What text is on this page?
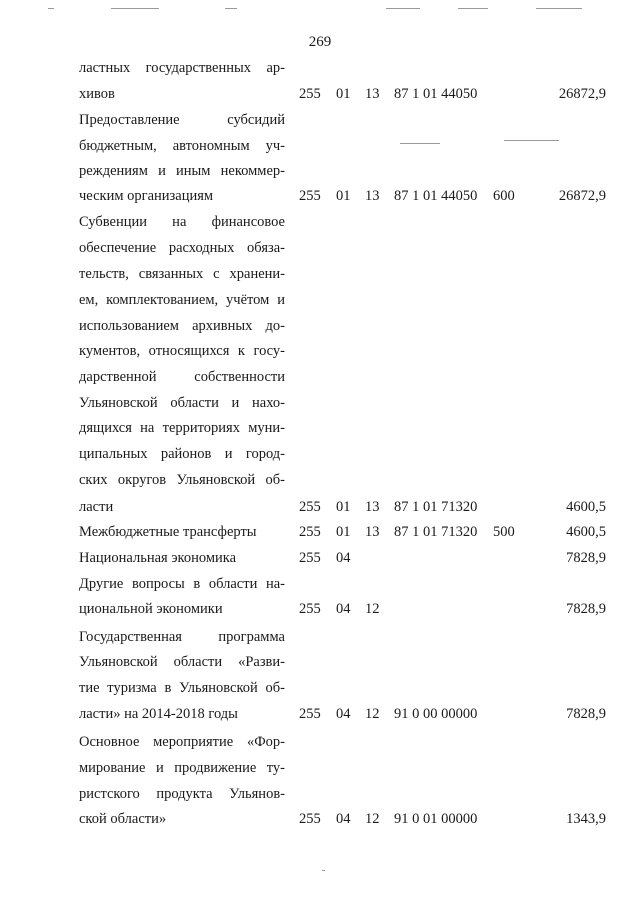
269
ластных государственных ар-
хивов	255	01	13	87 1 01 44050	26872,9
Предоставление субсидий
бюджетным, автономным уч-
реждениям и иным некоммер-
ческим организациям	255	01	13	87 1 01 44050	600	26872,9
Субвенции на финансовое
обеспечение расходных обяза-
тельств, связанных с хранени-
ем, комплектованием, учётом и
использованием архивных до-
кументов, относящихся к госу-
дарственной собственности
Ульяновской области и нахо-
дящихся на территориях муни-
ципальных районов и город-
ских округов Ульяновской об-
ласти	255	01	13	87 1 01 71320	4600,5
Межбюджетные трансферты	255	01	13	87 1 01 71320	500	4600,5
Национальная экономика	255	04	7828,9
Другие вопросы в области на-
циональной экономики	255	04	12	7828,9
Государственная программа
Ульяновской области «Разви-
тие туризма в Ульяновской об-
ласти» на 2014-2018 годы	255	04	12	91 0 00 00000	7828,9
Основное мероприятие «Фор-
мирование и продвижение ту-
ристского продукта Ульянов-
ской области»	255	04	12	91 0 01 00000	1343,9
